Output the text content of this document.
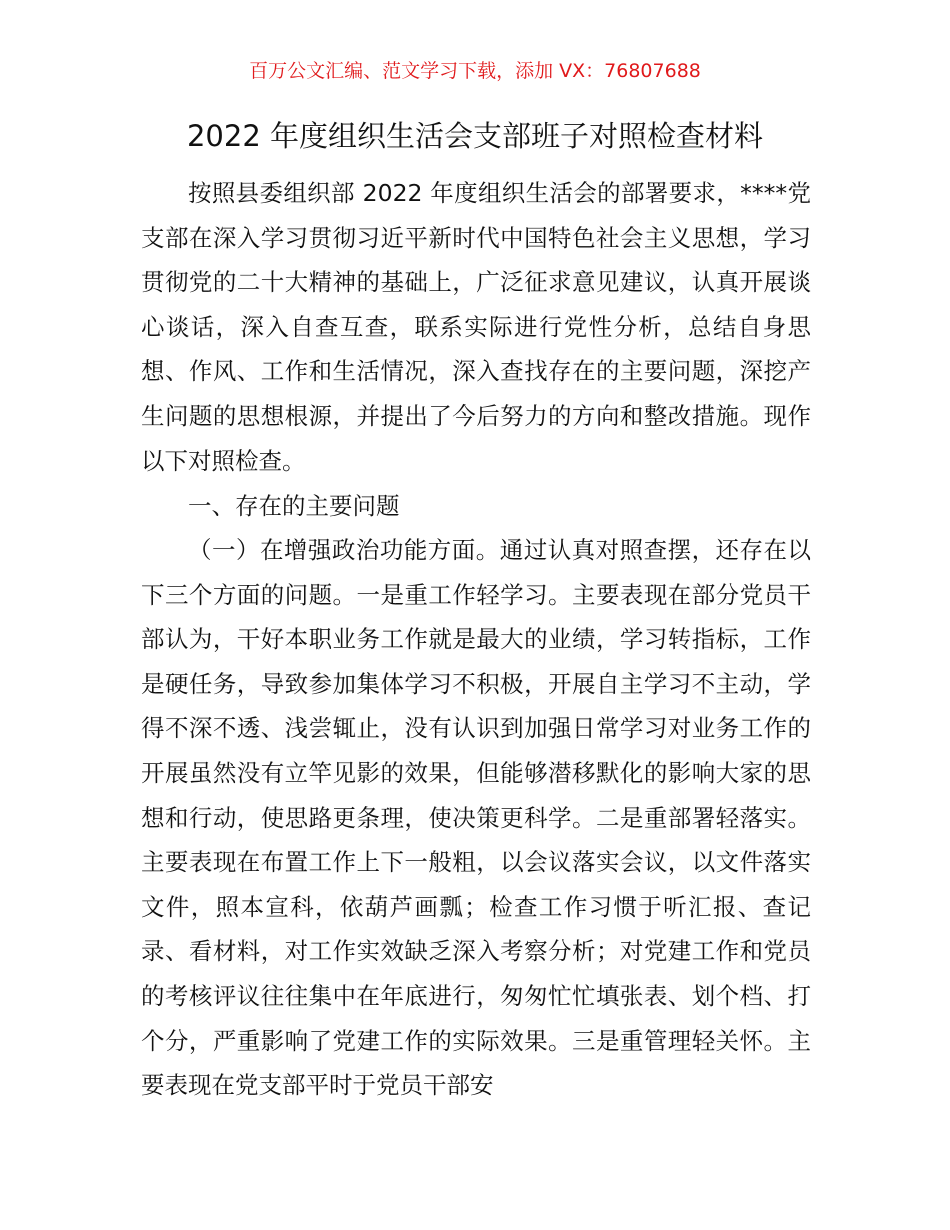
百万公文汇编、范文学习下载，添加 VX：76807688
2022 年度组织生活会支部班子对照检查材料

按照县委组织部 2022 年度组织生活会的部署要求，****党支部在深入学习贯彻习近平新时代中国特色社会主义思想，学习贯彻党的二十大精神的基础上，广泛征求意见建议，认真开展谈心谈话，深入自查互查，联系实际进行党性分析，总结自身思想、作风、工作和生活情况，深入查找存在的主要问题，深挖产生问题的思想根源，并提出了今后努力的方向和整改措施。现作以下对照检查。

一、存在的主要问题

（一）在增强政治功能方面。通过认真对照查摆，还存在以下三个方面的问题。一是重工作轻学习。主要表现在部分党员干部认为，干好本职业务工作就是最大的业绩，学习转指标，工作是硬任务，导致参加集体学习不积极，开展自主学习不主动，学得不深不透、浅尝辄止，没有认识到加强日常学习对业务工作的开展虽然没有立竿见影的效果，但能够潜移默化的影响大家的思想和行动，使思路更条理，使决策更科学。二是重部署轻落实。主要表现在布置工作上下一般粗，以会议落实会议，以文件落实文件，照本宣科，依葫芦画瓢；检查工作习惯于听汇报、查记录、看材料，对工作实效缺乏深入考察分析；对党建工作和党员的考核评议往往集中在年底进行，匆匆忙忙填张表、划个档、打个分，严重影响了党建工作的实际效果。三是重管理轻关怀。主要表现在党支部平时于党员干部安
